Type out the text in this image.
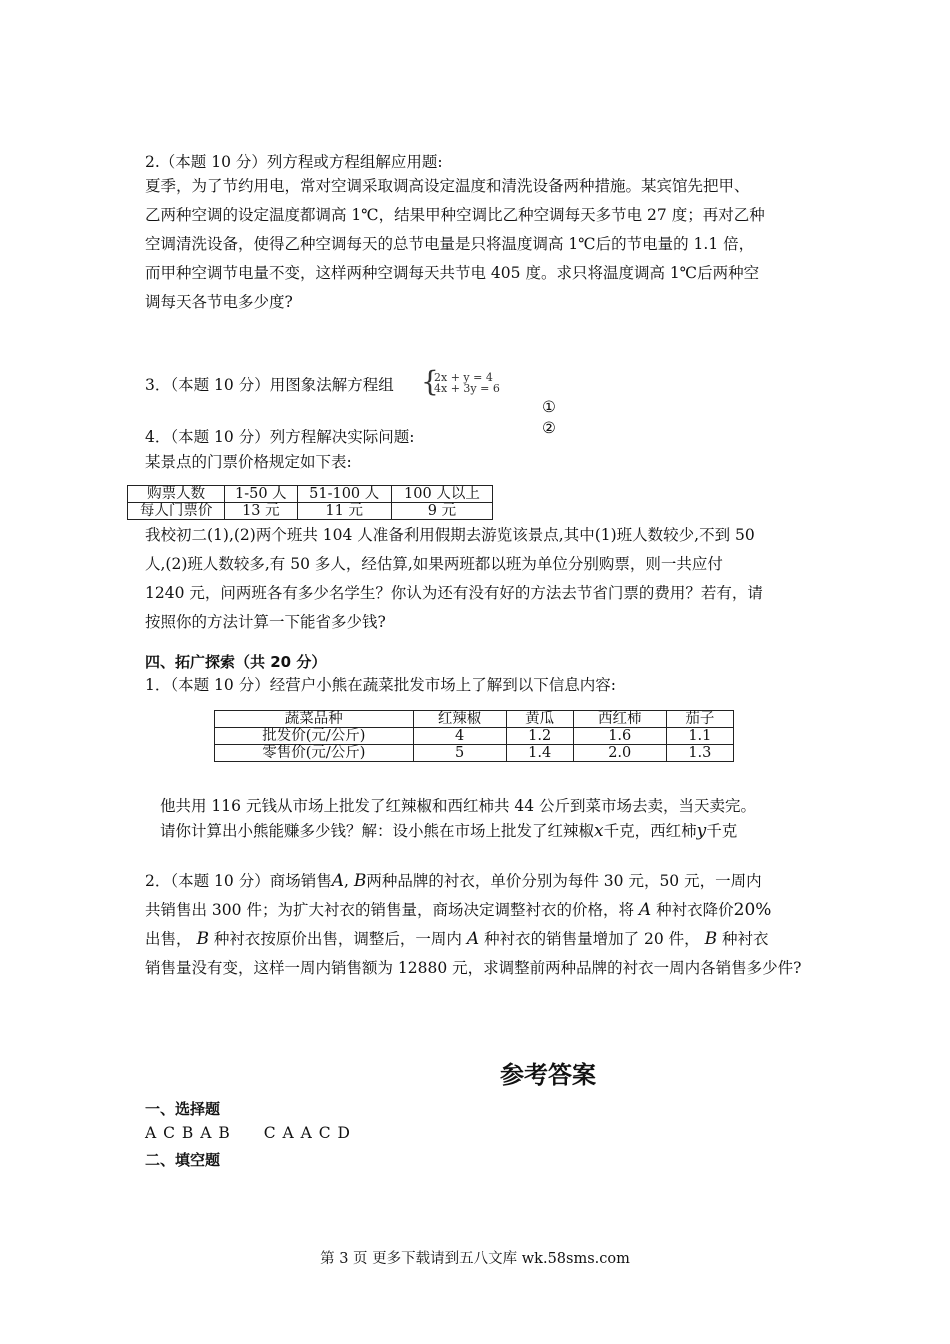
2.（本题 10 分）列方程或方程组解应用题:
夏季，为了节约用电，常对空调采取调高设定温度和清洗设备两种措施。某宾馆先把甲、
乙两种空调的设定温度都调高 1℃，结果甲种空调比乙种空调每天多节电 27 度；再对乙种
空调清洗设备，使得乙种空调每天的总节电量是只将温度调高 1℃后的节电量的 1.1 倍，
而甲种空调节电量不变，这样两种空调每天共节电 405 度。求只将温度调高 1℃后两种空
调每天各节电多少度?
3．（本题 10 分）用图象法解方程组 {
2x + y = 4
4x + 3y = 6
①
②
4．（本题 10 分）列方程解决实际问题:
某景点的门票价格规定如下表:
购票人数	1-50 人	51-100 人	100 人以上
每人门票价	13 元	11 元	9 元
我校初二(1),(2)两个班共 104 人准备利用假期去游览该景点,其中(1)班人数较少,不到 50
人,(2)班人数较多,有 50 多人，经估算,如果两班都以班为单位分别购票，则一共应付
1240 元，问两班各有多少名学生？你认为还有没有好的方法去节省门票的费用？若有，请
按照你的方法计算一下能省多少钱?
四、拓广探索（共 20 分）
1．（本题 10 分）经营户小熊在蔬菜批发市场上了解到以下信息内容:
蔬菜品种	红辣椒	黄瓜	西红柿	茄子
批发价(元/公斤)	4	1.2	1.6	1.1
零售价(元/公斤)	5	1.4	2.0	1.3
他共用 116 元钱从市场上批发了红辣椒和西红柿共 44 公斤到菜市场去卖，当天卖完。
请你计算出小熊能赚多少钱？解：设小熊在市场上批发了红辣椒x千克，西红柿y千克
2．（本题 10 分）商场销售A, B两种品牌的衬衣，单价分别为每件 30 元，50 元，一周内
共销售出 300 件；为扩大衬衣的销售量，商场决定调整衬衣的价格，将 A 种衬衣降价20%
出售， B 种衬衣按原价出售，调整后，一周内 A 种衬衣的销售量增加了 20 件， B 种衬衣
销售量没有变，这样一周内销售额为 12880 元，求调整前两种品牌的衬衣一周内各销售多少件?
参考答案
一、选择题
A C B A B　　C A A C D
二、填空题
第 3 页 更多下载请到五八文库 wk.58sms.com
